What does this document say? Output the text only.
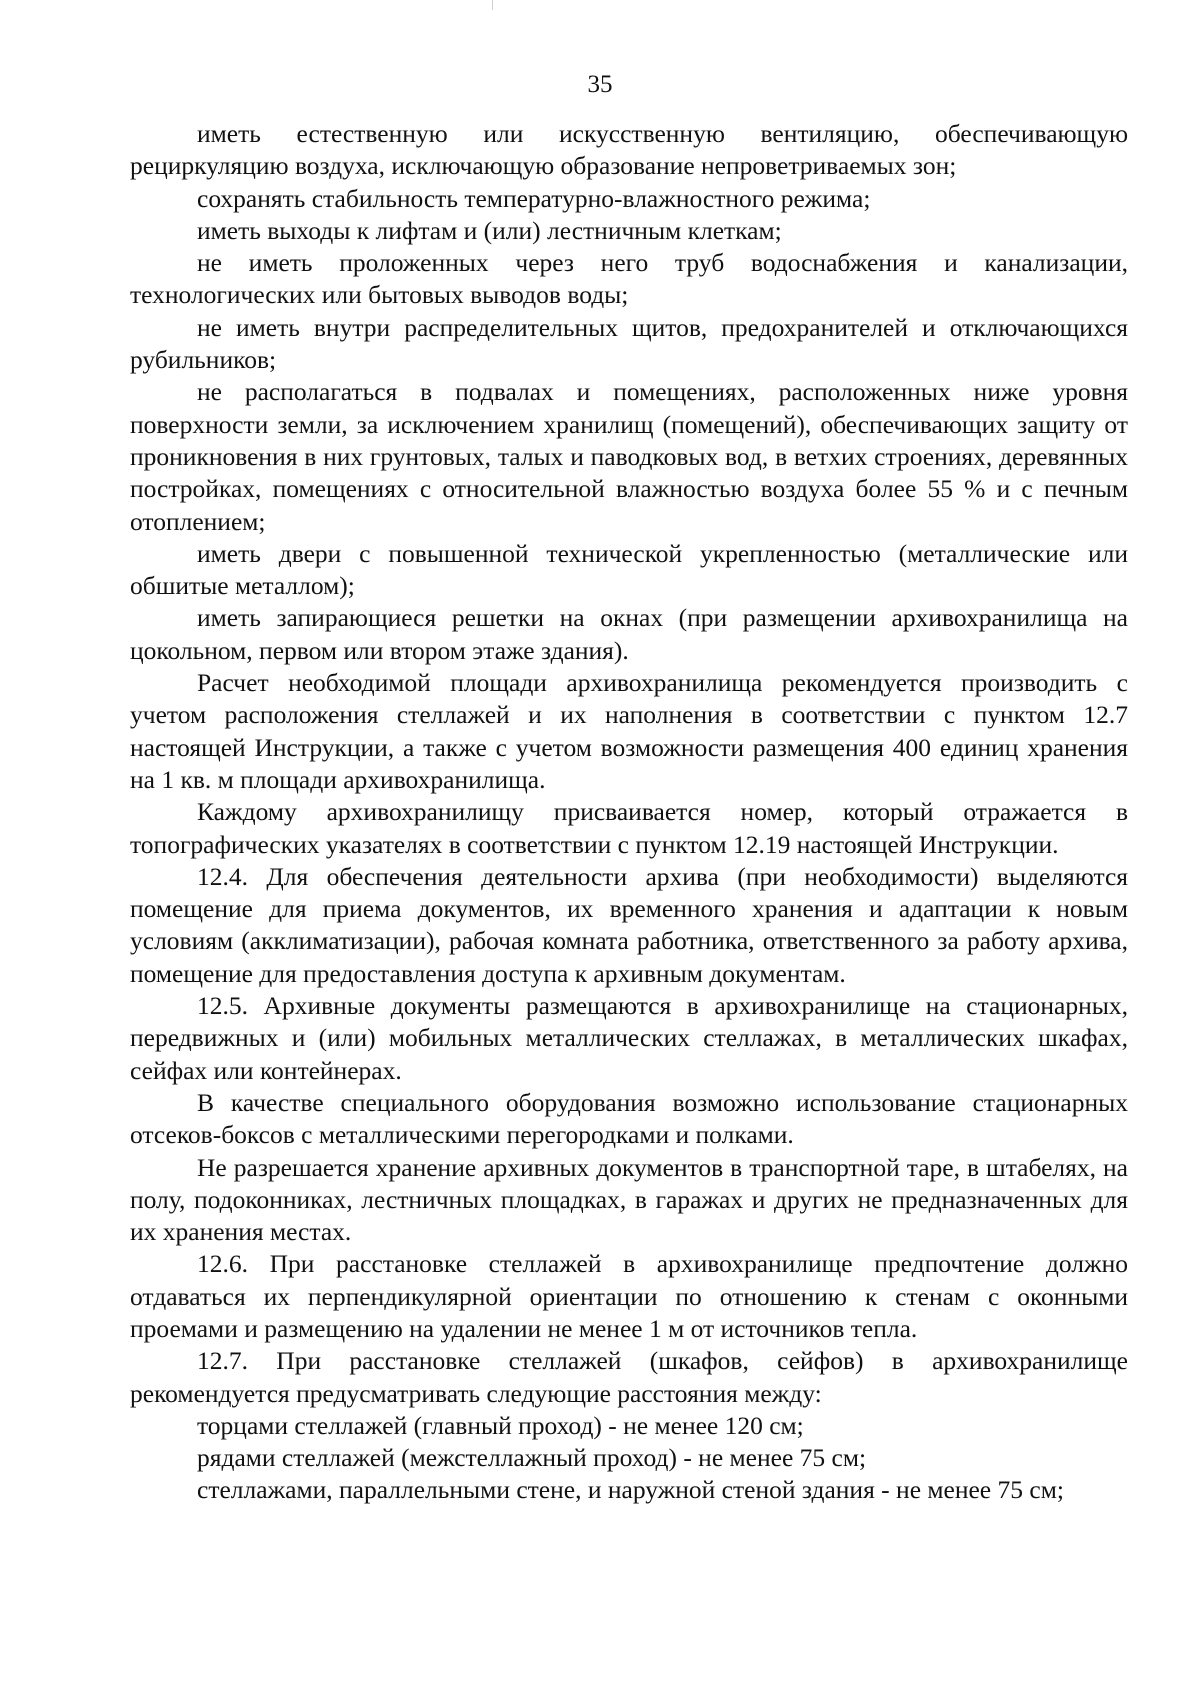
35

иметь естественную или искусственную вентиляцию, обеспечивающую рециркуляцию воздуха, исключающую образование непроветриваемых зон;

сохранять стабильность температурно-влажностного режима;

иметь выходы к лифтам и (или) лестничным клеткам;

не иметь проложенных через него труб водоснабжения и канализации, технологических или бытовых выводов воды;

не иметь внутри распределительных щитов, предохранителей и отключающихся рубильников;

не располагаться в подвалах и помещениях, расположенных ниже уровня поверхности земли, за исключением хранилищ (помещений), обеспечивающих защиту от проникновения в них грунтовых, талых и паводковых вод, в ветхих строениях, деревянных постройках, помещениях с относительной влажностью воздуха более 55 % и с печным отоплением;

иметь двери с повышенной технической укрепленностью (металлические или обшитые металлом);

иметь запирающиеся решетки на окнах (при размещении архивохранилища на цокольном, первом или втором этаже здания).

Расчет необходимой площади архивохранилища рекомендуется производить с учетом расположения стеллажей и их наполнения в соответствии с пунктом 12.7 настоящей Инструкции, а также с учетом возможности размещения 400 единиц хранения на 1 кв. м площади архивохранилища.

Каждому архивохранилищу присваивается номер, который отражается в топографических указателях в соответствии с пунктом 12.19 настоящей Инструкции.

12.4. Для обеспечения деятельности архива (при необходимости) выделяются помещение для приема документов, их временного хранения и адаптации к новым условиям (акклиматизации), рабочая комната работника, ответственного за работу архива, помещение для предоставления доступа к архивным документам.

12.5. Архивные документы размещаются в архивохранилище на стационарных, передвижных и (или) мобильных металлических стеллажах, в металлических шкафах, сейфах или контейнерах.

В качестве специального оборудования возможно использование стационарных отсеков-боксов с металлическими перегородками и полками.

Не разрешается хранение архивных документов в транспортной таре, в штабелях, на полу, подоконниках, лестничных площадках, в гаражах и других не предназначенных для их хранения местах.

12.6. При расстановке стеллажей в архивохранилище предпочтение должно отдаваться их перпендикулярной ориентации по отношению к стенам с оконными проемами и размещению на удалении не менее 1 м от источников тепла.

12.7. При расстановке стеллажей (шкафов, сейфов) в архивохранилище рекомендуется предусматривать следующие расстояния между:

торцами стеллажей (главный проход) - не менее 120 см;

рядами стеллажей (межстеллажный проход) - не менее 75 см;

стеллажами, параллельными стене, и наружной стеной здания - не менее 75 см;
